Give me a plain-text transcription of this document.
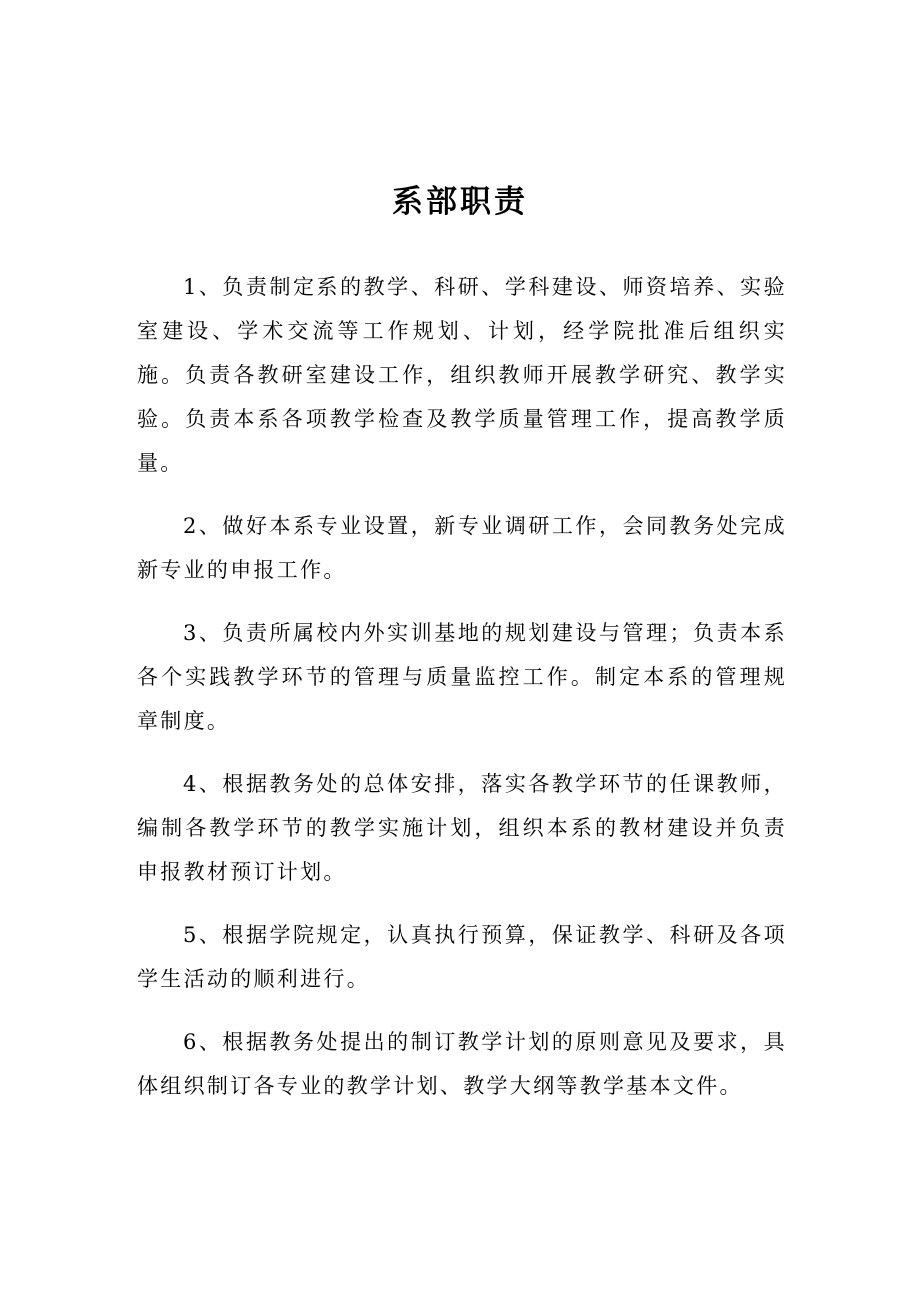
系部职责

1、负责制定系的教学、科研、学科建设、师资培养、实验室建设、学术交流等工作规划、计划，经学院批准后组织实施。负责各教研室建设工作，组织教师开展教学研究、教学实验。负责本系各项教学检查及教学质量管理工作，提高教学质量。

2、做好本系专业设置，新专业调研工作，会同教务处完成新专业的申报工作。

3、负责所属校内外实训基地的规划建设与管理；负责本系各个实践教学环节的管理与质量监控工作。制定本系的管理规章制度。

4、根据教务处的总体安排，落实各教学环节的任课教师，编制各教学环节的教学实施计划，组织本系的教材建设并负责申报教材预订计划。

5、根据学院规定，认真执行预算，保证教学、科研及各项学生活动的顺利进行。

6、根据教务处提出的制订教学计划的原则意见及要求，具体组织制订各专业的教学计划、教学大纲等教学基本文件。
